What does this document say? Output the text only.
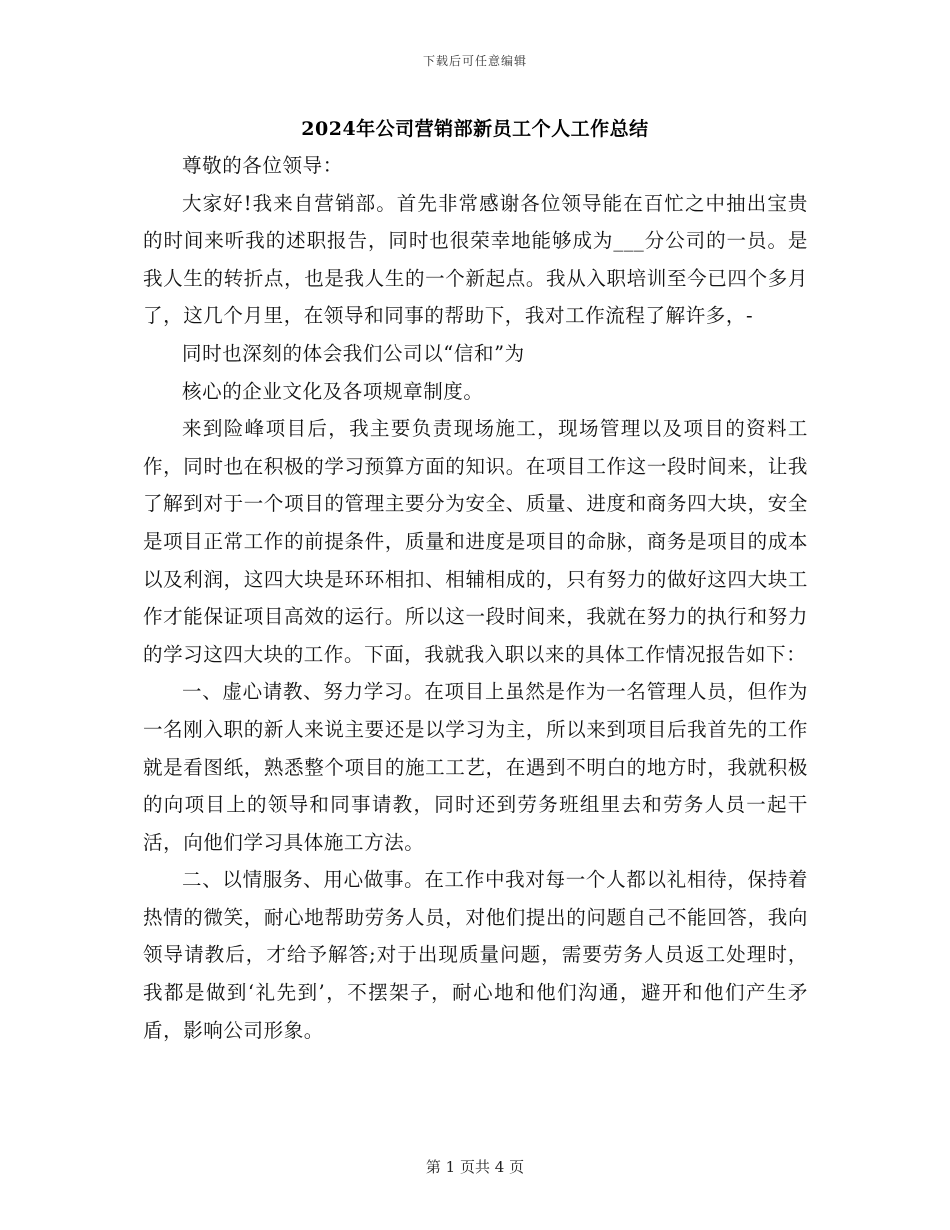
下载后可任意编辑
2024年公司营销部新员工个人工作总结

尊敬的各位领导：

大家好!我来自营销部。首先非常感谢各位领导能在百忙之中抽出宝贵的时间来听我的述职报告，同时也很荣幸地能够成为___分公司的一员。是我人生的转折点，也是我人生的一个新起点。我从入职培训至今已四个多月了，这几个月里，在领导和同事的帮助下，我对工作流程了解许多，-

同时也深刻的体会我们公司以“信和”为

核心的企业文化及各项规章制度。

来到险峰项目后，我主要负责现场施工，现场管理以及项目的资料工作，同时也在积极的学习预算方面的知识。在项目工作这一段时间来，让我了解到对于一个项目的管理主要分为安全、质量、进度和商务四大块，安全是项目正常工作的前提条件，质量和进度是项目的命脉，商务是项目的成本以及利润，这四大块是环环相扣、相辅相成的，只有努力的做好这四大块工作才能保证项目高效的运行。所以这一段时间来，我就在努力的执行和努力的学习这四大块的工作。下面，我就我入职以来的具体工作情况报告如下：

一、虚心请教、努力学习。在项目上虽然是作为一名管理人员，但作为一名刚入职的新人来说主要还是以学习为主，所以来到项目后我首先的工作就是看图纸，熟悉整个项目的施工工艺，在遇到不明白的地方时，我就积极的向项目上的领导和同事请教，同时还到劳务班组里去和劳务人员一起干活，向他们学习具体施工方法。

二、以情服务、用心做事。在工作中我对每一个人都以礼相待，保持着热情的微笑，耐心地帮助劳务人员，对他们提出的问题自己不能回答，我向领导请教后，才给予解答;对于出现质量问题，需要劳务人员返工处理时，我都是做到‘礼先到’，不摆架子，耐心地和他们沟通，避开和他们产生矛盾，影响公司形象。

第 1 页共 4 页
